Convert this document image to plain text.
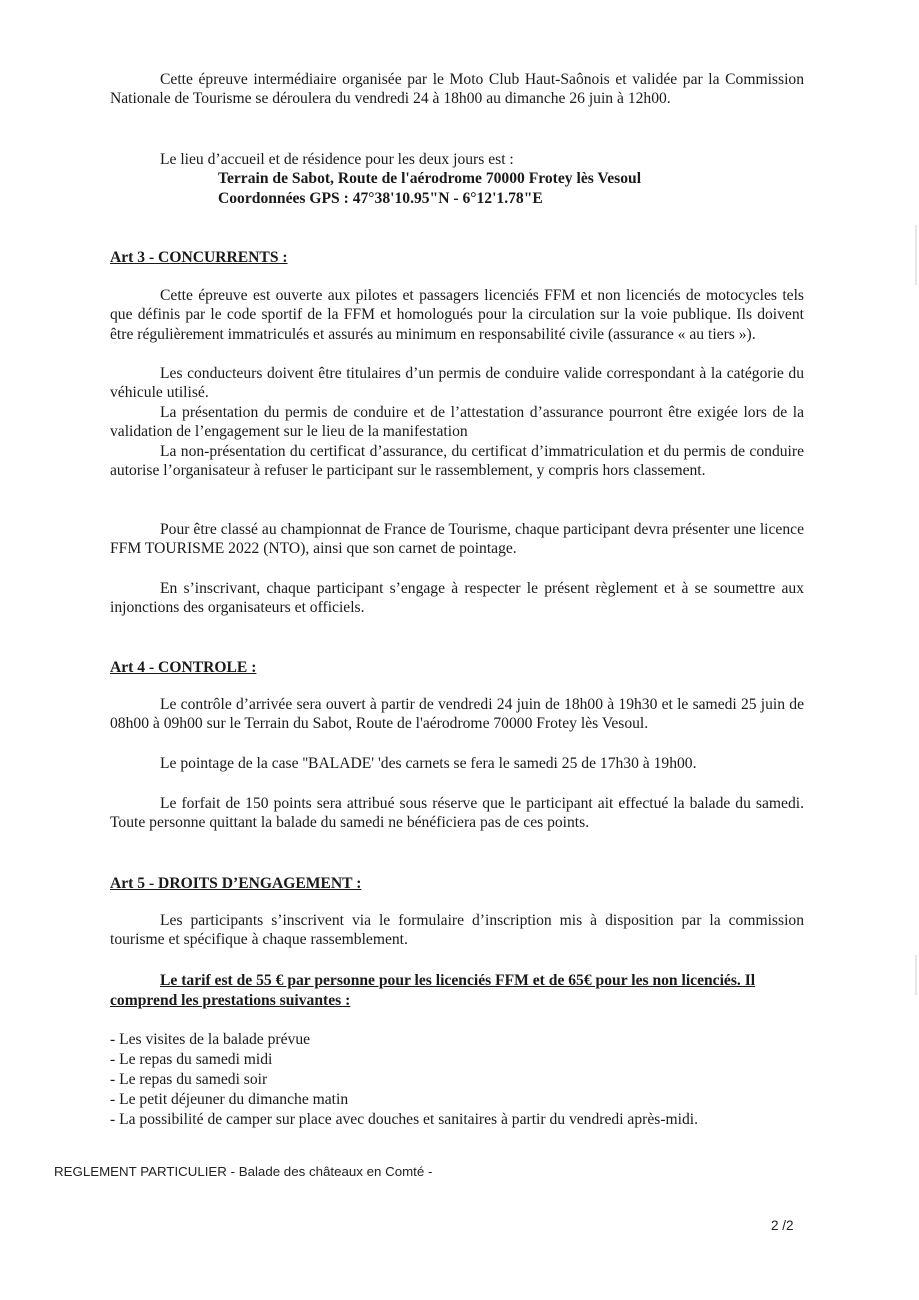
Cette épreuve intermédiaire organisée par le Moto Club Haut-Saônois et validée par la Commission Nationale de Tourisme se déroulera du vendredi 24 à 18h00 au dimanche 26 juin à 12h00.
Le lieu d’accueil et de résidence pour les deux jours est :
Terrain de Sabot, Route de l'aérodrome 70000 Frotey lès Vesoul
Coordonnées GPS : 47°38'10.95"N - 6°12'1.78"E
Art 3 - CONCURRENTS :
Cette épreuve est ouverte aux pilotes et passagers licenciés FFM et non licenciés de motocycles tels que définis par le code sportif de la FFM et homologués pour la circulation sur la voie publique. Ils doivent être régulièrement immatriculés et assurés au minimum en responsabilité civile (assurance « au tiers »).
Les conducteurs doivent être titulaires d’un permis de conduire valide correspondant à la catégorie du véhicule utilisé.
La présentation du permis de conduire et de l’attestation d’assurance pourront être exigée lors de la validation de l’engagement sur le lieu de la manifestation
La non-présentation du certificat d’assurance, du certificat d’immatriculation et du permis de conduire autorise l’organisateur à refuser le participant sur le rassemblement, y compris hors classement.
Pour être classé au championnat de France de Tourisme, chaque participant devra présenter une licence FFM TOURISME 2022 (NTO), ainsi que son carnet de pointage.
En s’inscrivant, chaque participant s’engage à respecter le présent règlement et à se soumettre aux injonctions des organisateurs et officiels.
Art 4 - CONTROLE :
Le contrôle d’arrivée sera ouvert à partir de vendredi 24 juin de 18h00 à 19h30 et le samedi 25 juin de 08h00 à 09h00 sur le Terrain du Sabot, Route de l'aérodrome 70000 Frotey lès Vesoul.
Le pointage de la case ''BALADE' 'des carnets se fera le samedi 25 de 17h30 à 19h00.
Le forfait de 150 points sera attribué sous réserve que le participant ait effectué la balade du samedi. Toute personne quittant la balade du samedi ne bénéficiera pas de ces points.
Art 5 - DROITS D’ENGAGEMENT :
Les participants s’inscrivent via le formulaire d’inscription mis à disposition par la commission tourisme et spécifique à chaque rassemblement.
Le tarif est de 55 € par personne pour les licenciés FFM et de 65€ pour les non licenciés. Il comprend les prestations suivantes :
- Les visites de la balade prévue
- Le repas du samedi midi
- Le repas du samedi soir
- Le petit déjeuner du dimanche matin
- La possibilité de camper sur place avec douches et sanitaires à partir du vendredi après-midi.
REGLEMENT PARTICULIER - Balade des châteaux en Comté -
2 /2
